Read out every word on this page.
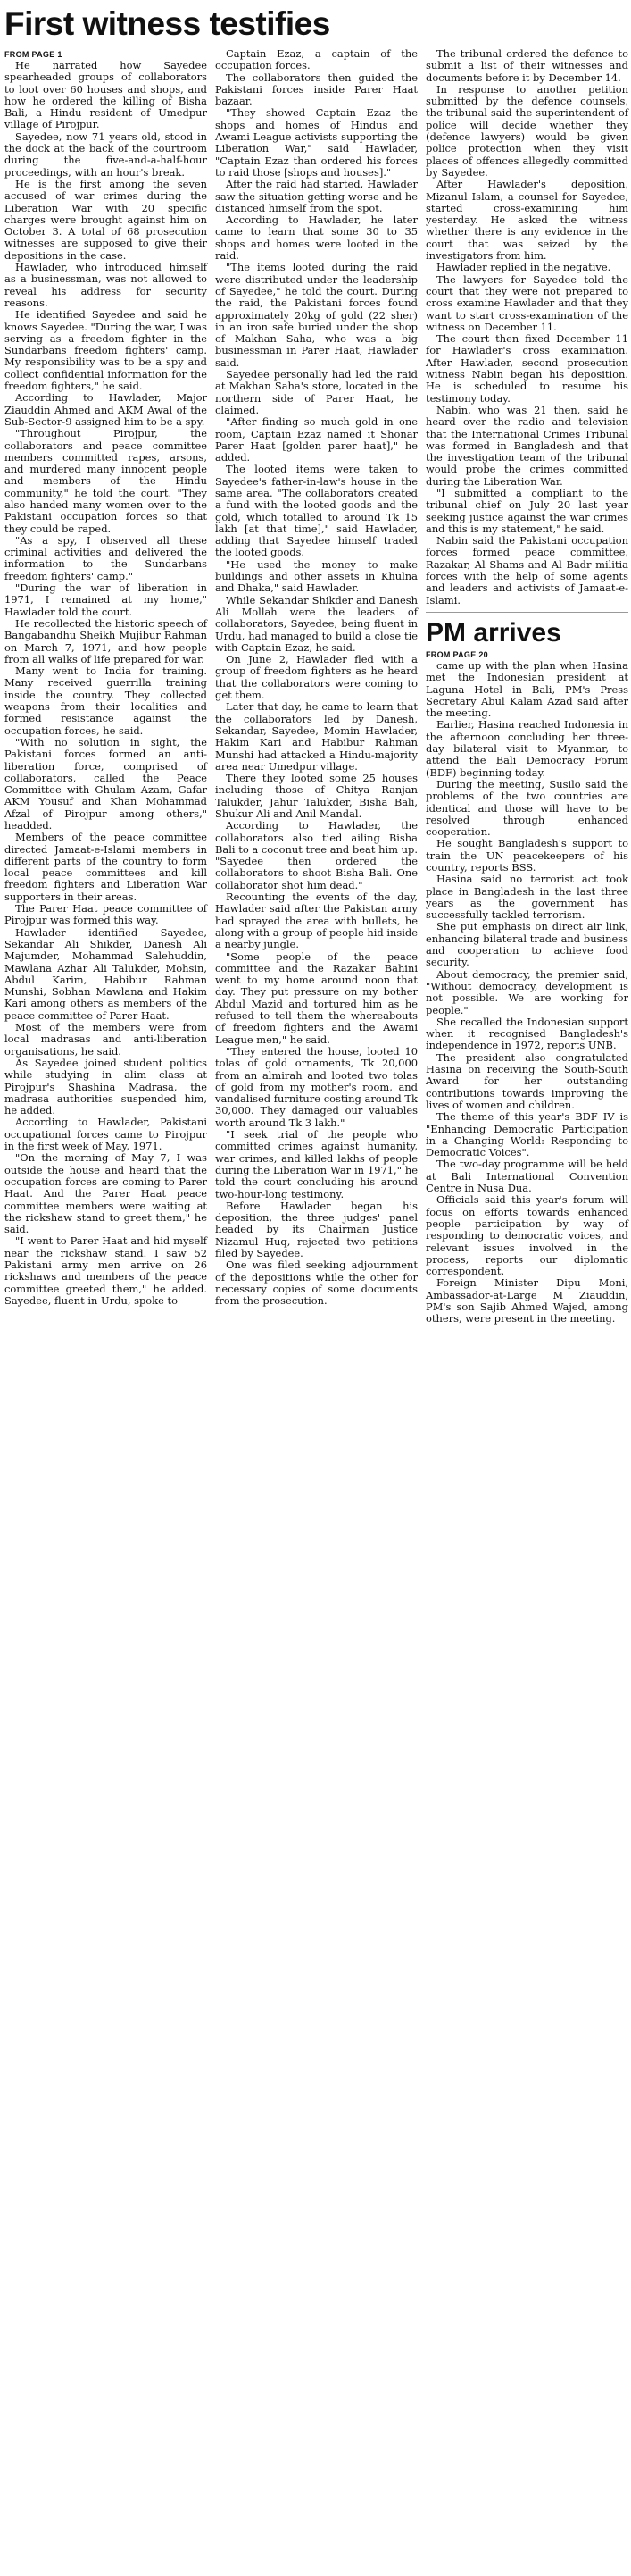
First witness testifies

FROM PAGE 1

He narrated how Sayedee spearheaded groups of collaborators to loot over 60 houses and shops, and how he ordered the killing of Bisha Bali, a Hindu resident of Umedpur village of Pirojpur.

Sayedee, now 71 years old, stood in the dock at the back of the courtroom during the five-and-a-half-hour proceedings, with an hour's break.

He is the first among the seven accused of war crimes during the Liberation War with 20 specific charges were brought against him on October 3. A total of 68 prosecution witnesses are supposed to give their depositions in the case.

Hawlader, who introduced himself as a businessman, was not allowed to reveal his address for security reasons.

He identified Sayedee and said he knows Sayedee. "During the war, I was serving as a freedom fighter in the Sundarbans freedom fighters' camp. My responsibility was to be a spy and collect confidential information for the freedom fighters," he said.

According to Hawlader, Major Ziauddin Ahmed and AKM Awal of the Sub-Sector-9 assigned him to be a spy.

"Throughout Pirojpur, the collaborators and peace committee members committed rapes, arsons, and murdered many innocent people and members of the Hindu community," he told the court. "They also handed many women over to the Pakistani occupation forces so that they could be raped.

"As a spy, I observed all these criminal activities and delivered the information to the Sundarbans freedom fighters' camp."

"During the war of liberation in 1971, I remained at my home," Hawlader told the court.

He recollected the historic speech of Bangabandhu Sheikh Mujibur Rahman on March 7, 1971, and how people from all walks of life prepared for war.

Many went to India for training. Many received guerrilla training inside the country. They collected weapons from their localities and formed resistance against the occupation forces, he said.

"With no solution in sight, the Pakistani forces formed an anti-liberation force, comprised of collaborators, called the Peace Committee with Ghulam Azam, Gafar AKM Yousuf and Khan Mohammad Afzal of Pirojpur among others," headded.

Members of the peace committee directed Jamaat-e-Islami members in different parts of the country to form local peace committees and kill freedom fighters and Liberation War supporters in their areas.

The Parer Haat peace committee of Pirojpur was formed this way.

Hawlader identified Sayedee, Sekandar Ali Shikder, Danesh Ali Majumder, Mohammad Salehuddin, Mawlana Azhar Ali Talukder, Mohsin, Abdul Karim, Habibur Rahman Munshi, Sobhan Mawlana and Hakim Kari among others as members of the peace committee of Parer Haat.

Most of the members were from local madrasas and anti-liberation organisations, he said.

As Sayedee joined student politics while studying in alim class at Pirojpur's Shashina Madrasa, the madrasa authorities suspended him, he added.

According to Hawlader, Pakistani occupational forces came to Pirojpur in the first week of May, 1971.

"On the morning of May 7, I was outside the house and heard that the occupation forces are coming to Parer Haat. And the Parer Haat peace committee members were waiting at the rickshaw stand to greet them," he said.

"I went to Parer Haat and hid myself near the rickshaw stand. I saw 52 Pakistani army men arrive on 26 rickshaws and members of the peace committee greeted them," he added. Sayedee, fluent in Urdu, spoke to

Captain Ezaz, a captain of the occupation forces.

The collaborators then guided the Pakistani forces inside Parer Haat bazaar.

"They showed Captain Ezaz the shops and homes of Hindus and Awami League activists supporting the Liberation War," said Hawlader, "Captain Ezaz than ordered his forces to raid those [shops and houses]."

After the raid had started, Hawlader saw the situation getting worse and he distanced himself from the spot.

According to Hawlader, he later came to learn that some 30 to 35 shops and homes were looted in the raid.

"The items looted during the raid were distributed under the leadership of Sayedee," he told the court. During the raid, the Pakistani forces found approximately 20kg of gold (22 sher) in an iron safe buried under the shop of Makhan Saha, who was a big businessman in Parer Haat, Hawlader said.

Sayedee personally had led the raid at Makhan Saha's store, located in the northern side of Parer Haat, he claimed.

"After finding so much gold in one room, Captain Ezaz named it Shonar Parer Haat [golden parer haat]," he added.

The looted items were taken to Sayedee's father-in-law's house in the same area. "The collaborators created a fund with the looted goods and the gold, which totalled to around Tk 15 lakh [at that time]," said Hawlader, adding that Sayedee himself traded the looted goods.

"He used the money to make buildings and other assets in Khulna and Dhaka," said Hawlader.

While Sekandar Shikder and Danesh Ali Mollah were the leaders of collaborators, Sayedee, being fluent in Urdu, had managed to build a close tie with Captain Ezaz, he said.

On June 2, Hawlader fled with a group of freedom fighters as he heard that the collaborators were coming to get them.

Later that day, he came to learn that the collaborators led by Danesh, Sekandar, Sayedee, Momin Hawlader, Hakim Kari and Habibur Rahman Munshi had attacked a Hindu-majority area near Umedpur village.

There they looted some 25 houses including those of Chitya Ranjan Talukder, Jahur Talukder, Bisha Bali, Shukur Ali and Anil Mandal.

According to Hawlader, the collaborators also tied ailing Bisha Bali to a coconut tree and beat him up. "Sayedee then ordered the collaborators to shoot Bisha Bali. One collaborator shot him dead."

Recounting the events of the day, Hawlader said after the Pakistan army had sprayed the area with bullets, he along with a group of people hid inside a nearby jungle.

"Some people of the peace committee and the Razakar Bahini went to my home around noon that day. They put pressure on my bother Abdul Mazid and tortured him as he refused to tell them the whereabouts of freedom fighters and the Awami League men," he said.

"They entered the house, looted 10 tolas of gold ornaments, Tk 20,000 from an almirah and looted two tolas of gold from my mother's room, and vandalised furniture costing around Tk 30,000. They damaged our valuables worth around Tk 3 lakh."

"I seek trial of the people who committed crimes against humanity, war crimes, and killed lakhs of people during the Liberation War in 1971," he told the court concluding his around two-hour-long testimony.

Before Hawlader began his deposition, the three judges' panel headed by its Chairman Justice Nizamul Huq, rejected two petitions filed by Sayedee.

One was filed seeking adjournment of the depositions while the other for necessary copies of some documents from the prosecution.

The tribunal ordered the defence to submit a list of their witnesses and documents before it by December 14.

In response to another petition submitted by the defence counsels, the tribunal said the superintendent of police will decide whether they (defence lawyers) would be given police protection when they visit places of offences allegedly committed by Sayedee.

After Hawlader's deposition, Mizanul Islam, a counsel for Sayedee, started cross-examining him yesterday. He asked the witness whether there is any evidence in the court that was seized by the investigators from him.

Hawlader replied in the negative.

The lawyers for Sayedee told the court that they were not prepared to cross examine Hawlader and that they want to start cross-examination of the witness on December 11.

The court then fixed December 11 for Hawlader's cross examination. After Hawlader, second prosecution witness Nabin began his deposition. He is scheduled to resume his testimony today.

Nabin, who was 21 then, said he heard over the radio and television that the International Crimes Tribunal was formed in Bangladesh and that the investigation team of the tribunal would probe the crimes committed during the Liberation War.

"I submitted a compliant to the tribunal chief on July 20 last year seeking justice against the war crimes and this is my statement," he said.

Nabin said the Pakistani occupation forces formed peace committee, Razakar, Al Shams and Al Badr militia forces with the help of some agents and leaders and activists of Jamaat-e-Islami.

PM arrives

FROM PAGE 20

came up with the plan when Hasina met the Indonesian president at Laguna Hotel in Bali, PM's Press Secretary Abul Kalam Azad said after the meeting.

Earlier, Hasina reached Indonesia in the afternoon concluding her three-day bilateral visit to Myanmar, to attend the Bali Democracy Forum (BDF) beginning today.

During the meeting, Susilo said the problems of the two countries are identical and those will have to be resolved through enhanced cooperation.

He sought Bangladesh's support to train the UN peacekeepers of his country, reports BSS.

Hasina said no terrorist act took place in Bangladesh in the last three years as the government has successfully tackled terrorism.

She put emphasis on direct air link, enhancing bilateral trade and business and cooperation to achieve food security.

About democracy, the premier said, "Without democracy, development is not possible. We are working for people."

She recalled the Indonesian support when it recognised Bangladesh's independence in 1972, reports UNB.

The president also congratulated Hasina on receiving the South-South Award for her outstanding contributions towards improving the lives of women and children.

The theme of this year's BDF IV is "Enhancing Democratic Participation in a Changing World: Responding to Democratic Voices".

The two-day programme will be held at Bali International Convention Centre in Nusa Dua.

Officials said this year's forum will focus on efforts towards enhanced people participation by way of responding to democratic voices, and relevant issues involved in the process, reports our diplomatic correspondent.

Foreign Minister Dipu Moni, Ambassador-at-Large M Ziauddin, PM's son Sajib Ahmed Wajed, among others, were present in the meeting.
